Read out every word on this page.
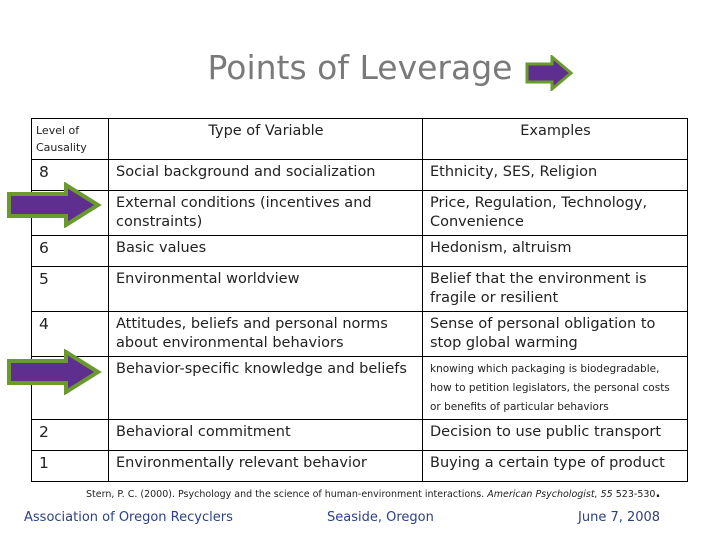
Points of Leverage
Level of Causality	Type of Variable	Examples
8	Social background and socialization	Ethnicity, SES, Religion
	External conditions (incentives and constraints)	Price, Regulation, Technology, Convenience
6	Basic values	Hedonism, altruism
5	Environmental worldview	Belief that the environment is fragile or resilient
4	Attitudes, beliefs and personal norms about environmental behaviors	Sense of personal obligation to stop global warming
	Behavior-specific knowledge and beliefs	knowing which packaging is biodegradable, how to petition legislators, the personal costs or benefits of particular behaviors
2	Behavioral commitment	Decision to use public transport
1	Environmentally relevant behavior	Buying a certain type of product
Stern, P. C. (2000). Psychology and the science of human-environment interactions. American Psychologist, 55 523-530.
Association of Oregon Recyclers	Seaside, Oregon	June 7, 2008
